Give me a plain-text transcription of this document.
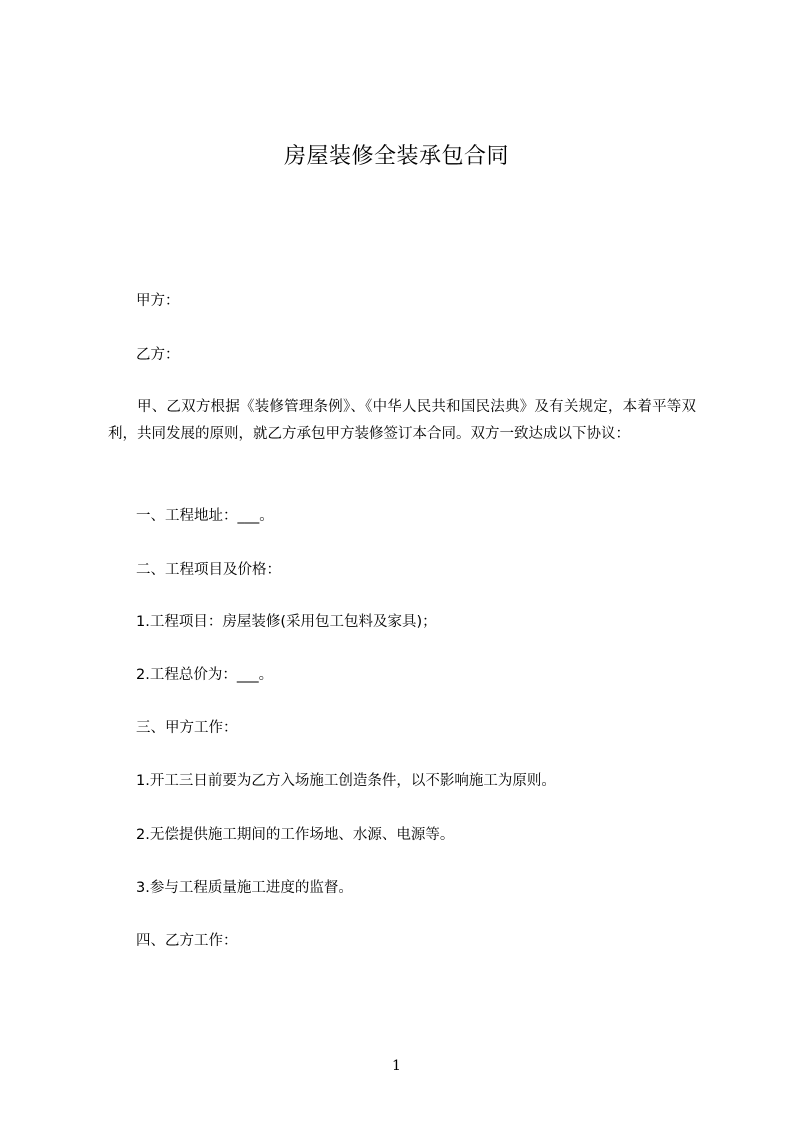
房屋装修全装承包合同
甲方：
乙方：
甲、乙双方根据《装修管理条例》、《中华人民共和国民法典》及有关规定，本着平等双利，共同发展的原则，就乙方承包甲方装修签订本合同。双方一致达成以下协议：
一、工程地址：___。
二、工程项目及价格：
1.工程项目：房屋装修(采用包工包料及家具)；
2.工程总价为：___。
三、甲方工作：
1.开工三日前要为乙方入场施工创造条件，以不影响施工为原则。
2.无偿提供施工期间的工作场地、水源、电源等。
3.参与工程质量施工进度的监督。
四、乙方工作：
1
